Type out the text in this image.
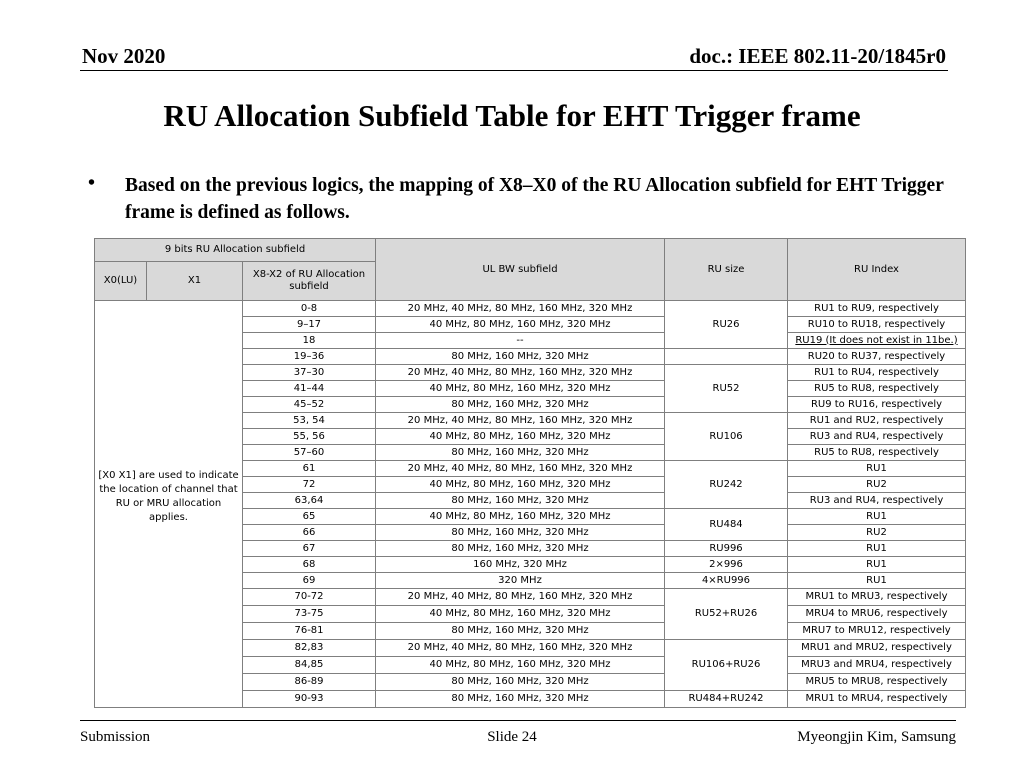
Nov 2020	doc.: IEEE 802.11-20/1845r0
RU Allocation Subfield Table for EHT Trigger frame
• Based on the previous logics, the mapping of X8–X0 of the RU Allocation subfield for EHT Trigger frame is defined as follows.
9 bits RU Allocation subfield			UL BW subfield	RU size	RU Index
X0(LU)	X1	X8-X2 of RU Allocation subfield			
[X0 X1] are used to indicate the location of channel that RU or MRU allocation applies.		0-8	20 MHz, 40 MHz, 80 MHz, 160 MHz, 320 MHz	RU26	RU1 to RU9, respectively
		9–17	40 MHz, 80 MHz, 160 MHz, 320 MHz		RU10 to RU18, respectively
		18	--		RU19 (It does not exist in 11be.)
		19–36	80 MHz, 160 MHz, 320 MHz		RU20 to RU37, respectively
		37–30	20 MHz, 40 MHz, 80 MHz, 160 MHz, 320 MHz	RU52	RU1 to RU4, respectively
		41–44	40 MHz, 80 MHz, 160 MHz, 320 MHz		RU5 to RU8, respectively
		45–52	80 MHz, 160 MHz, 320 MHz		RU9 to RU16, respectively
		53, 54	20 MHz, 40 MHz, 80 MHz, 160 MHz, 320 MHz	RU106	RU1 and RU2, respectively
		55, 56	40 MHz, 80 MHz, 160 MHz, 320 MHz		RU3 and RU4, respectively
		57–60	80 MHz, 160 MHz, 320 MHz		RU5 to RU8, respectively
		61	20 MHz, 40 MHz, 80 MHz, 160 MHz, 320 MHz	RU242	RU1
		72	40 MHz, 80 MHz, 160 MHz, 320 MHz		RU2
		63,64	80 MHz, 160 MHz, 320 MHz		RU3 and RU4, respectively
		65	40 MHz, 80 MHz, 160 MHz, 320 MHz	RU484	RU1
		66	80 MHz, 160 MHz, 320 MHz		RU2
		67	80 MHz, 160 MHz, 320 MHz	RU996	RU1
		68	160 MHz, 320 MHz	2×996	RU1
		69	320 MHz	4×RU996	RU1
		70-72	20 MHz, 40 MHz, 80 MHz, 160 MHz, 320 MHz	RU52+RU26	MRU1 to MRU3, respectively
		73-75	40 MHz, 80 MHz, 160 MHz, 320 MHz		MRU4 to MRU6, respectively
		76-81	80 MHz, 160 MHz, 320 MHz		MRU7 to MRU12, respectively
		82,83	20 MHz, 40 MHz, 80 MHz, 160 MHz, 320 MHz	RU106+RU26	MRU1 and MRU2, respectively
		84,85	40 MHz, 80 MHz, 160 MHz, 320 MHz		MRU3 and MRU4, respectively
		86-89	80 MHz, 160 MHz, 320 MHz		MRU5 to MRU8, respectively
		90-93	80 MHz, 160 MHz, 320 MHz	RU484+RU242	MRU1 to MRU4, respectively
Submission	Slide 24	Myeongjin Kim, Samsung
